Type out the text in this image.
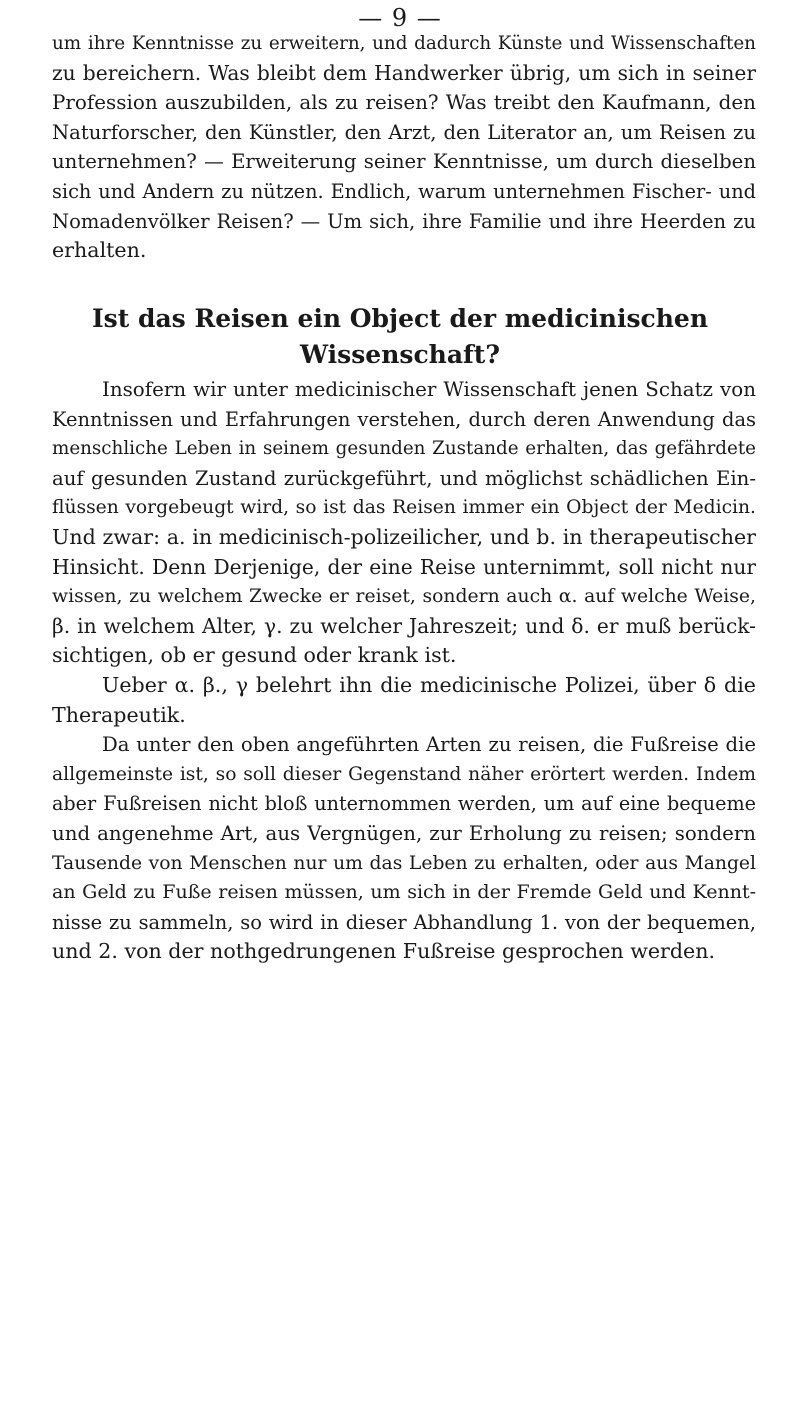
— 9 —
um ihre Kenntnisse zu erweitern, und dadurch Künste und Wissenschaften
zu bereichern. Was bleibt dem Handwerker übrig, um sich in seiner
Profession auszubilden, als zu reisen? Was treibt den Kaufmann, den
Naturforscher, den Künstler, den Arzt, den Literator an, um Reisen zu
unternehmen? — Erweiterung seiner Kenntnisse, um durch dieselben
sich und Andern zu nützen. Endlich, warum unternehmen Fischer- und
Nomadenvölker Reisen? — Um sich, ihre Familie und ihre Heerden zu
erhalten.
Ist das Reisen ein Object der medicinischen
Wissenschaft?
Insofern wir unter medicinischer Wissenschaft jenen Schatz von
Kenntnissen und Erfahrungen verstehen, durch deren Anwendung das
menschliche Leben in seinem gesunden Zustande erhalten, das gefährdete
auf gesunden Zustand zurückgeführt, und möglichst schädlichen Ein-
flüssen vorgebeugt wird, so ist das Reisen immer ein Object der Medicin.
Und zwar: a. in medicinisch-polizeilicher, und b. in therapeutischer
Hinsicht. Denn Derjenige, der eine Reise unternimmt, soll nicht nur
wissen, zu welchem Zwecke er reiset, sondern auch α. auf welche Weise,
β. in welchem Alter, γ. zu welcher Jahreszeit; und δ. er muß berück-
sichtigen, ob er gesund oder krank ist.
Ueber α. β., γ belehrt ihn die medicinische Polizei, über δ die
Therapeutik.
Da unter den oben angeführten Arten zu reisen, die Fußreise die
allgemeinste ist, so soll dieser Gegenstand näher erörtert werden. Indem
aber Fußreisen nicht bloß unternommen werden, um auf eine bequeme
und angenehme Art, aus Vergnügen, zur Erholung zu reisen; sondern
Tausende von Menschen nur um das Leben zu erhalten, oder aus Mangel
an Geld zu Fuße reisen müssen, um sich in der Fremde Geld und Kennt-
nisse zu sammeln, so wird in dieser Abhandlung 1. von der bequemen,
und 2. von der nothgedrungenen Fußreise gesprochen werden.
